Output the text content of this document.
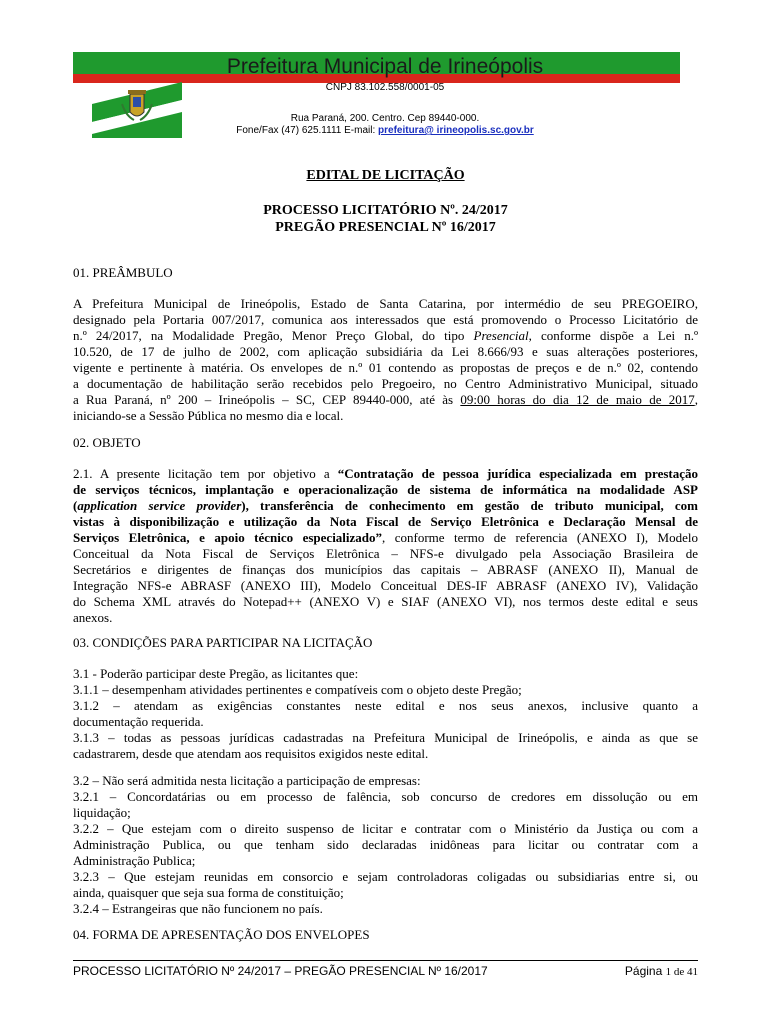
Prefeitura Municipal de Irineópolis
CNPJ 83.102.558/0001-05
Rua Paraná, 200. Centro. Cep 89440-000.
Fone/Fax (47) 625.1111 E-mail: prefeitura@ irineopolis.sc.gov.br
EDITAL DE LICITAÇÃO
PROCESSO LICITATÓRIO Nº. 24/2017
PREGÃO PRESENCIAL Nº 16/2017
01. PREÂMBULO
A Prefeitura Municipal de Irineópolis, Estado de Santa Catarina, por intermédio de seu PREGOEIRO,
designado pela Portaria 007/2017, comunica aos interessados que está promovendo o Processo Licitatório de
n.º 24/2017, na Modalidade Pregão, Menor Preço Global, do tipo Presencial, conforme dispõe a Lei n.º
10.520, de 17 de julho de 2002, com aplicação subsidiária da Lei 8.666/93 e suas alterações posteriores,
vigente e pertinente à matéria. Os envelopes de n.º 01 contendo as propostas de preços e de n.º 02, contendo
a documentação de habilitação serão recebidos pelo Pregoeiro, no Centro Administrativo Municipal, situado
a Rua Paraná, nº 200 – Irineópolis – SC, CEP 89440-000, até às 09:00 horas do dia 12 de maio de 2017,
iniciando-se a Sessão Pública no mesmo dia e local.
02. OBJETO
2.1. A presente licitação tem por objetivo a “Contratação de pessoa jurídica especializada em prestação
de serviços técnicos, implantação e operacionalização de sistema de informática na modalidade ASP
(application service provider), transferência de conhecimento em gestão de tributo municipal, com
vistas à disponibilização e utilização da Nota Fiscal de Serviço Eletrônica e Declaração Mensal de
Serviços Eletrônica, e apoio técnico especializado”, conforme termo de referencia (ANEXO I), Modelo
Conceitual da Nota Fiscal de Serviços Eletrônica – NFS-e divulgado pela Associação Brasileira de
Secretários e dirigentes de finanças dos municípios das capitais – ABRASF (ANEXO II), Manual de
Integração NFS-e ABRASF (ANEXO III), Modelo Conceitual DES-IF ABRASF (ANEXO IV), Validação
do Schema XML através do Notepad++ (ANEXO V) e SIAF (ANEXO VI), nos termos deste edital e seus
anexos.
03. CONDIÇÕES PARA PARTICIPAR NA LICITAÇÃO
3.1 - Poderão participar deste Pregão, as licitantes que:
3.1.1 – desempenham atividades pertinentes e compatíveis com o objeto deste Pregão;
3.1.2 – atendam as exigências constantes neste edital e nos seus anexos, inclusive quanto a
documentação requerida.
3.1.3 – todas as pessoas jurídicas cadastradas na Prefeitura Municipal de Irineópolis, e ainda as que se
cadastrarem, desde que atendam aos requisitos exigidos neste edital.
3.2 – Não será admitida nesta licitação a participação de empresas:
3.2.1 – Concordatárias ou em processo de falência, sob concurso de credores em dissolução ou em
liquidação;
3.2.2 – Que estejam com o direito suspenso de licitar e contratar com o Ministério da Justiça ou com a
Administração Publica, ou que tenham sido declaradas inidôneas para licitar ou contratar com a
Administração Publica;
3.2.3 – Que estejam reunidas em consorcio e sejam controladoras coligadas ou subsidiarias entre si, ou
ainda, quaisquer que seja sua forma de constituição;
3.2.4 – Estrangeiras que não funcionem no país.
04. FORMA DE APRESENTAÇÃO DOS ENVELOPES
PROCESSO LICITATÓRIO Nº 24/2017 – PREGÃO PRESENCIAL Nº 16/2017	Página 1 de 41
